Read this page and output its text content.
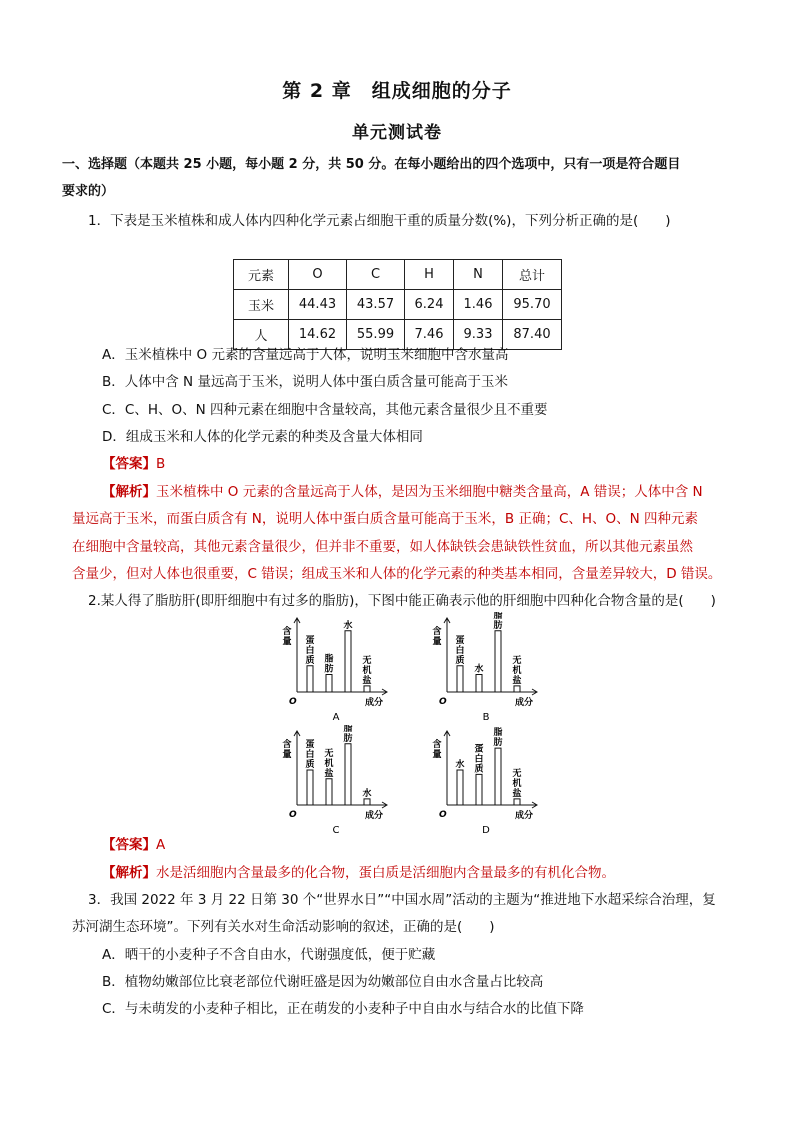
第 2 章　组成细胞的分子
单元测试卷
一、选择题（本题共 25 小题，每小题 2 分，共 50 分。在每小题给出的四个选项中，只有一项是符合题目
要求的）
1．下表是玉米植株和成人体内四种化学元素占细胞干重的质量分数(%)，下列分析正确的是(　　)
元素	O	C	H	N	总计
玉米	44.43	43.57	6.24	1.46	95.70
人	14.62	55.99	7.46	9.33	87.40
A．玉米植株中 O 元素的含量远高于人体，说明玉米细胞中含水量高
B．人体中含 N 量远高于玉米，说明人体中蛋白质含量可能高于玉米
C．C、H、O、N 四种元素在细胞中含量较高，其他元素含量很少且不重要
D．组成玉米和人体的化学元素的种类及含量大体相同
【答案】B
【解析】玉米植株中 O 元素的含量远高于人体，是因为玉米细胞中糖类含量高，A 错误；人体中含 N
量远高于玉米，而蛋白质含有 N，说明人体中蛋白质含量可能高于玉米，B 正确；C、H、O、N 四种元素
在细胞中含量较高，其他元素含量很少，但并非不重要，如人体缺铁会患缺铁性贫血，所以其他元素虽然
含量少，但对人体也很重要，C 错误；组成玉米和人体的化学元素的种类基本相同，含量差异较大，D 错误。
2.某人得了脂肪肝(即肝细胞中有过多的脂肪)，下图中能正确表示他的肝细胞中四种化合物含量的是(　　)
含量
O	成分
A
蛋白质 脂肪
水
无机盐
含量
O	成分
B
蛋白质
水
脂肪
无机盐
含量
O	成分
C
蛋白质
无机盐
脂肪
水
含量
O	成分
D
水
蛋白质
脂肪
无机盐
【答案】A
【解析】水是活细胞内含量最多的化合物，蛋白质是活细胞内含量最多的有机化合物。
3．我国 2022 年 3 月 22 日第 30 个“世界水日”“中国水周”活动的主题为“推进地下水超采综合治理，复
苏河湖生态环境”。下列有关水对生命活动影响的叙述，正确的是(　　)
A．晒干的小麦种子不含自由水，代谢强度低，便于贮藏
B．植物幼嫩部位比衰老部位代谢旺盛是因为幼嫩部位自由水含量占比较高
C．与未萌发的小麦种子相比，正在萌发的小麦种子中自由水与结合水的比值下降
